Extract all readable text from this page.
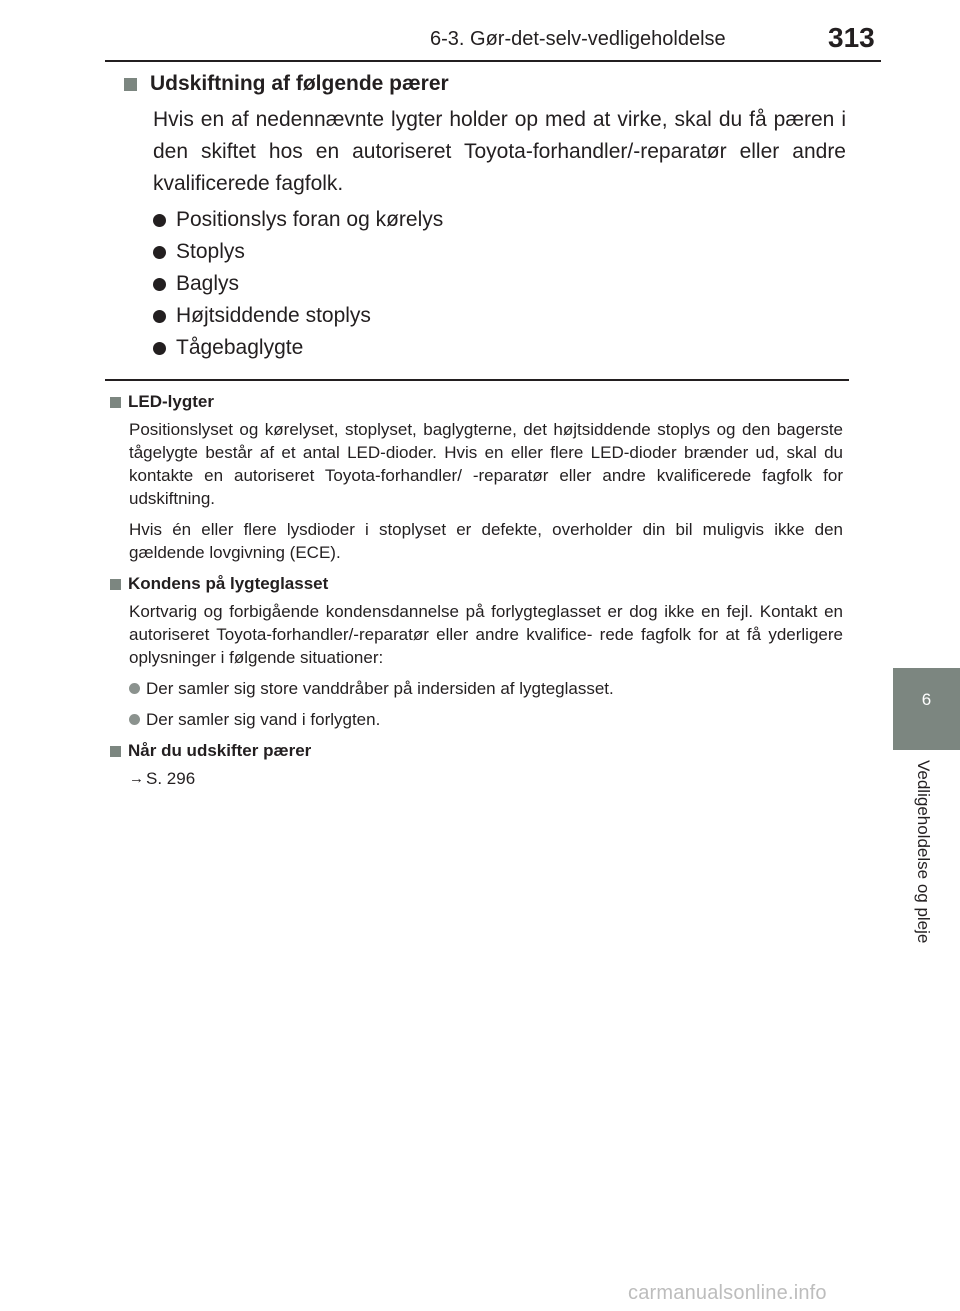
6-3. Gør-det-selv-vedligeholdelse	313
6
Vedligeholdelse og pleje
Udskiftning af følgende pærer

Hvis en af nedennævnte lygter holder op med at virke, skal du få pæren i den skiftet hos en autoriseret Toyota-forhandler/-reparatør eller andre kvalificerede fagfolk.

Positionslys foran og kørelys
Stoplys
Baglys
Højtsiddende stoplys
Tågebaglygte
LED-lygter

Positionslyset og kørelyset, stoplyset, baglygterne, det højtsiddende stoplys og den bagerste tågelygte består af et antal LED-dioder. Hvis en eller flere LED-dioder brænder ud, skal du kontakte en autoriseret Toyota-forhandler/ -reparatør eller andre kvalificerede fagfolk for udskiftning.

Hvis én eller flere lysdioder i stoplyset er defekte, overholder din bil muligvis ikke den gældende lovgivning (ECE).

Kondens på lygteglasset

Kortvarig og forbigående kondensdannelse på forlygteglasset er dog ikke en fejl. Kontakt en autoriseret Toyota-forhandler/-reparatør eller andre kvalifice- rede fagfolk for at få yderligere oplysninger i følgende situationer:

Der samler sig store vanddråber på indersiden af lygteglasset.
Der samler sig vand i forlygten.
Når du udskifter pærer
→ S. 296
carmanualsonline.info
